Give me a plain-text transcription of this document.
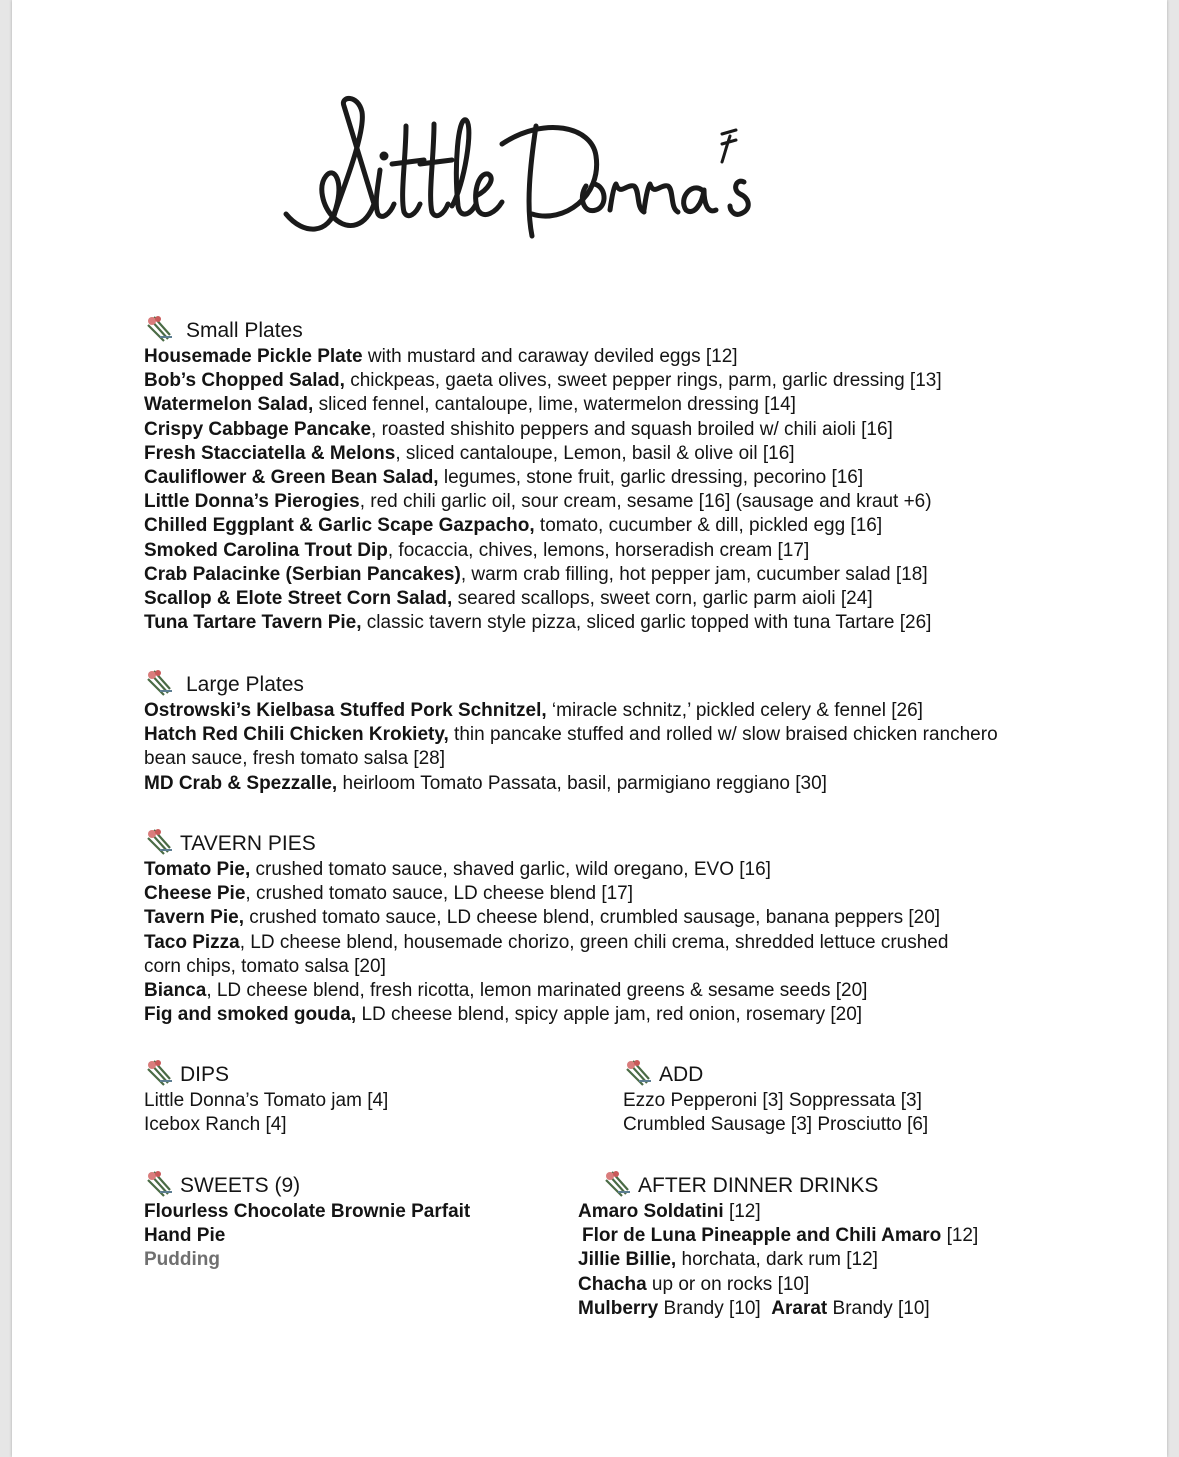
Small Plates
Housemade Pickle Plate with mustard and caraway deviled eggs [12]
Bob’s Chopped Salad, chickpeas, gaeta olives, sweet pepper rings, parm, garlic dressing [13]
Watermelon Salad, sliced fennel, cantaloupe, lime, watermelon dressing [14]
Crispy Cabbage Pancake, roasted shishito peppers and squash broiled w/ chili aioli [16]
Fresh Stacciatella & Melons, sliced cantaloupe, Lemon, basil & olive oil [16]
Cauliflower & Green Bean Salad, legumes, stone fruit, garlic dressing, pecorino [16]
Little Donna’s Pierogies, red chili garlic oil, sour cream, sesame [16] (sausage and kraut +6)
Chilled Eggplant & Garlic Scape Gazpacho, tomato, cucumber & dill, pickled egg [16]
Smoked Carolina Trout Dip, focaccia, chives, lemons, horseradish cream [17]
Crab Palacinke (Serbian Pancakes), warm crab filling, hot pepper jam, cucumber salad [18]
Scallop & Elote Street Corn Salad, seared scallops, sweet corn, garlic parm aioli [24]
Tuna Tartare Tavern Pie, classic tavern style pizza, sliced garlic topped with tuna Tartare [26]
Large Plates
Ostrowski’s Kielbasa Stuffed Pork Schnitzel, ‘miracle schnitz,’ pickled celery & fennel [26]
Hatch Red Chili Chicken Krokiety, thin pancake stuffed and rolled w/ slow braised chicken ranchero bean sauce, fresh tomato salsa [28]
MD Crab & Spezzalle, heirloom Tomato Passata, basil, parmigiano reggiano [30]
TAVERN PIES
Tomato Pie, crushed tomato sauce, shaved garlic, wild oregano, EVO [16]
Cheese Pie, crushed tomato sauce, LD cheese blend [17]
Tavern Pie, crushed tomato sauce, LD cheese blend, crumbled sausage, banana peppers [20]
Taco Pizza, LD cheese blend, housemade chorizo, green chili crema, shredded lettuce crushed corn chips, tomato salsa [20]
Bianca, LD cheese blend, fresh ricotta, lemon marinated greens & sesame seeds [20]
Fig and smoked gouda, LD cheese blend, spicy apple jam, red onion, rosemary [20]
DIPS
Little Donna’s Tomato jam [4]
Icebox Ranch [4]
ADD
Ezzo Pepperoni [3] Soppressata [3]
Crumbled Sausage [3] Prosciutto [6]
SWEETS (9)
Flourless Chocolate Brownie Parfait
Hand Pie
Pudding
AFTER DINNER DRINKS
Amaro Soldatini [12]
Flor de Luna Pineapple and Chili Amaro [12]
Jillie Billie, horchata, dark rum [12]
Chacha up or on rocks [10]
Mulberry Brandy [10]  Ararat Brandy [10]
